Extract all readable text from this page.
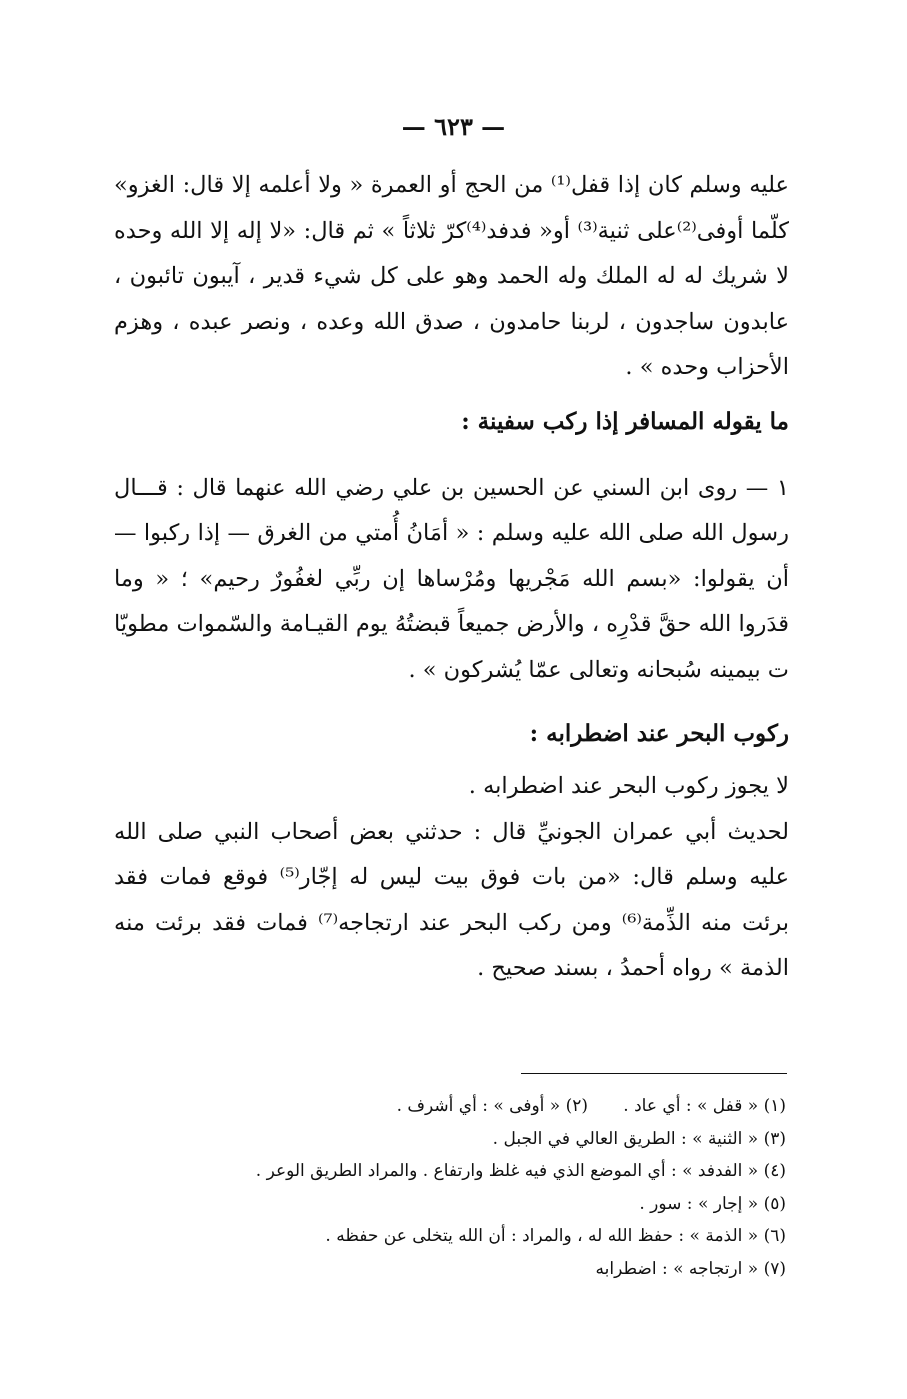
— ٦٢٣ —

عليه وسلم كان إذا قفل⁽¹⁾ من الحج أو العمرة « ولا أعلمه إلا قال: الغزو» كلّما أوفى⁽²⁾على ثنية⁽³⁾ أو« فدفد⁽⁴⁾كرّ ثلاثاً » ثم قال: «لا إله إلا الله وحده لا شريك له له الملك وله الحمد وهو على كل شيء قدير ، آيبون تائبون ، عابدون ساجدون ، لربنا حامدون ، صدق الله وعده ، ونصر عبده ، وهزم الأحزاب وحده » .

ما يقوله المسافر إذا ركب سفينة :

١ — روى ابن السني عن الحسين بن علي رضي الله عنهما قال : قـــال رسول الله صلى الله عليه وسلم : « أمَانُ أُمتي من الغرق — إذا ركبوا — أن يقولوا: «بسم الله مَجْريها ومُرْساها إن ربِّي لغفُورٌ رحيم» ؛ « وما قدَروا الله حقَّ قدْرِه ، والأرض جميعاً قبضتُهُ يوم القيـامة والسّموات مطويّا ت بيمينه سُبحانه وتعالى عمّا يُشركون » .

ركوب البحر عند اضطرابه :

لا يجوز ركوب البحر عند اضطرابه .

لحديث أبي عمران الجونيِّ قال : حدثني بعض أصحاب النبي صلى الله عليه وسلم قال: «من بات فوق بيت ليس له إجّار⁽⁵⁾ فوقع فمات فقد برئت منه الذِّمة⁽⁶⁾ ومن ركب البحر عند ارتجاجه⁽⁷⁾ فمات فقد برئت منه الذمة » رواه أحمدُ ، بسند صحيح .

(١) « قفل » : أي عاد .
(٢) « أوفى » : أي أشرف .
(٣) « الثنية » : الطريق العالي في الجبل .
(٤) « الفدفد » : أي الموضع الذي فيه غلظ وارتفاع . والمراد الطريق الوعر .
(٥) « إجار » : سور .
(٦) « الذمة » : حفظ الله له ، والمراد : أن الله يتخلى عن حفظه .
(٧) « ارتجاجه » : اضطرابه
